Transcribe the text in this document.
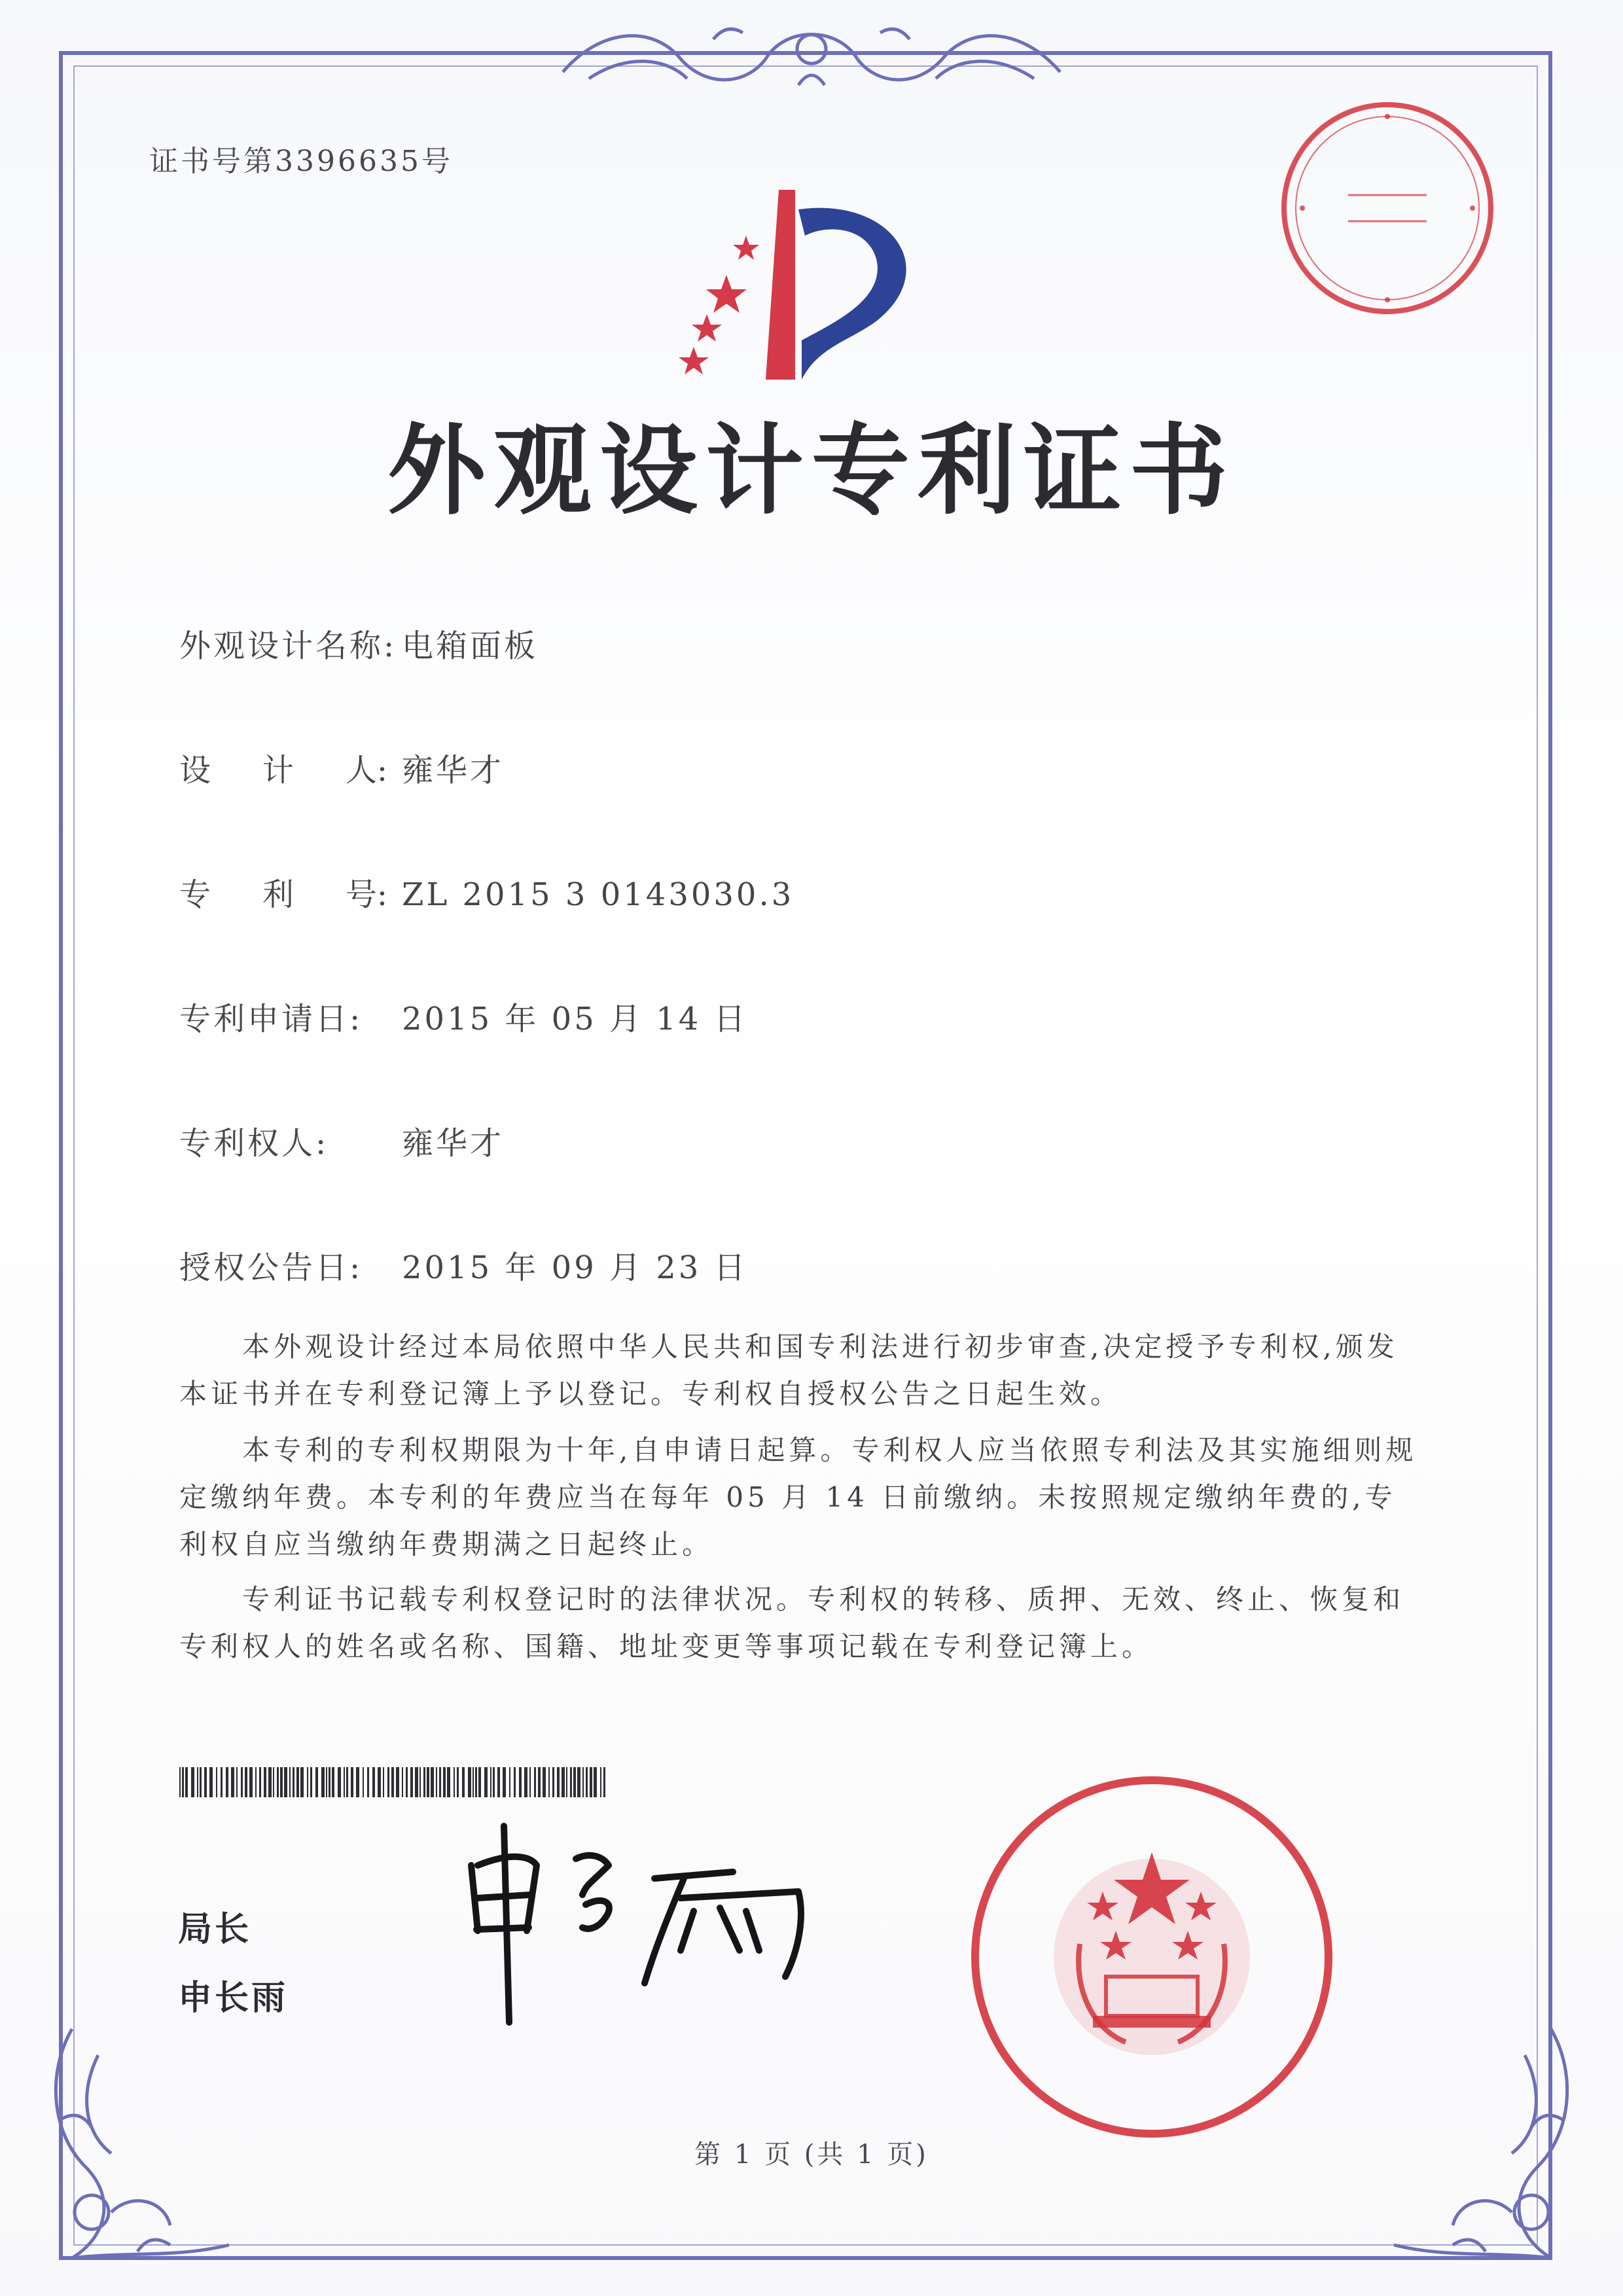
证书号第3396635号
外观设计专利证书
外观设计名称: 电箱面板
设 计 人: 雍华才
专 利 号: ZL 2015 3 0143030.3
专利申请日: 2015 年 05 月 14 日
专利权人: 雍华才
授权公告日: 2015 年 09 月 23 日

本外观设计经过本局依照中华人民共和国专利法进行初步审查,决定授予专利权,颁发本证书并在专利登记簿上予以登记。专利权自授权公告之日起生效。

本专利的专利权期限为十年,自申请日起算。专利权人应当依照专利法及其实施细则规定缴纳年费。本专利的年费应当在每年 05 月 14 日前缴纳。未按照规定缴纳年费的,专利权自应当缴纳年费期满之日起终止。

专利证书记载专利权登记时的法律状况。专利权的转移、质押、无效、终止、恢复和专利权人的姓名或名称、国籍、地址变更等事项记载在专利登记簿上。

局长
申长雨
第 1 页 (共 1 页)
